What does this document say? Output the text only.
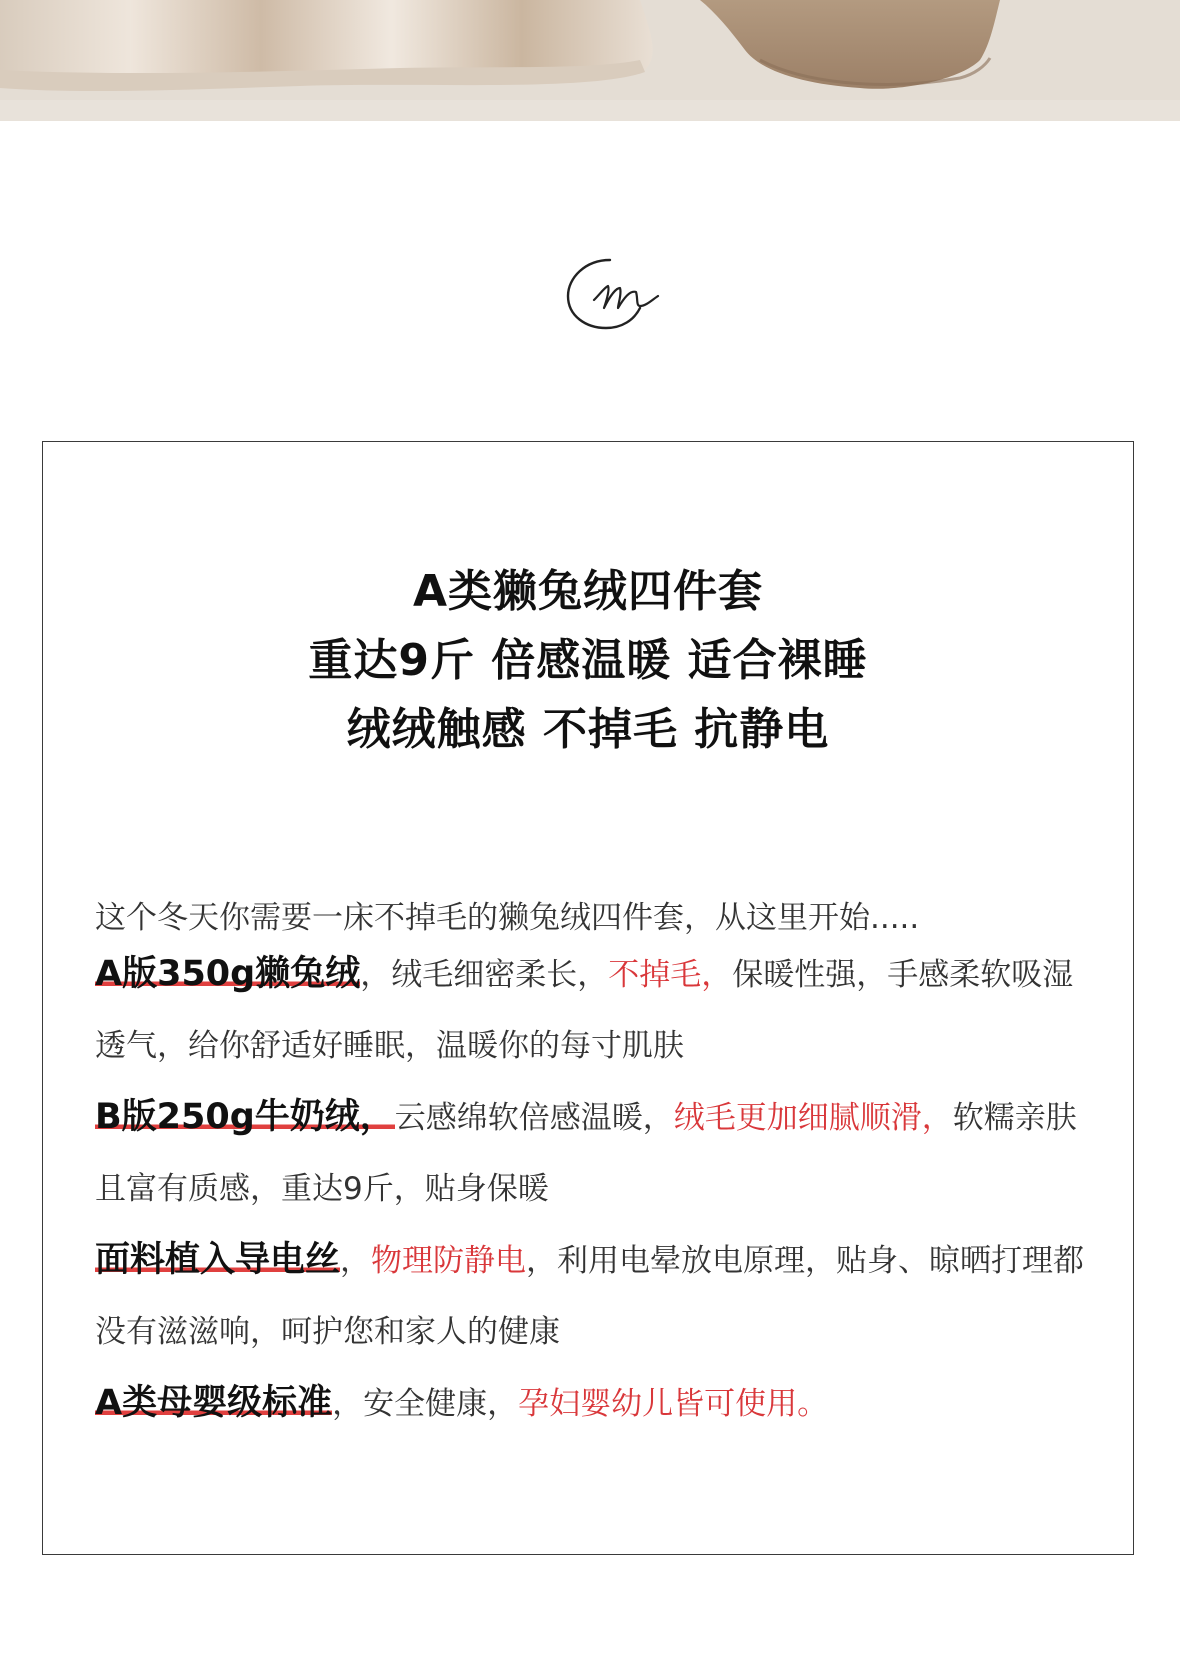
A类獭兔绒四件套
重达9斤 倍感温暖 适合裸睡
绒绒触感 不掉毛 抗静电
这个冬天你需要一床不掉毛的獭兔绒四件套，从这里开始.....
A版350g獭兔绒，绒毛细密柔长，不掉毛，保暖性强，手感柔软吸湿透气，给你舒适好睡眠，温暖你的每寸肌肤
B版250g牛奶绒，云感绵软倍感温暖，绒毛更加细腻顺滑，软糯亲肤且富有质感，重达9斤，贴身保暖
面料植入导电丝，物理防静电，利用电晕放电原理，贴身、晾晒打理都没有滋滋响，呵护您和家人的健康
A类母婴级标准，安全健康，孕妇婴幼儿皆可使用。
